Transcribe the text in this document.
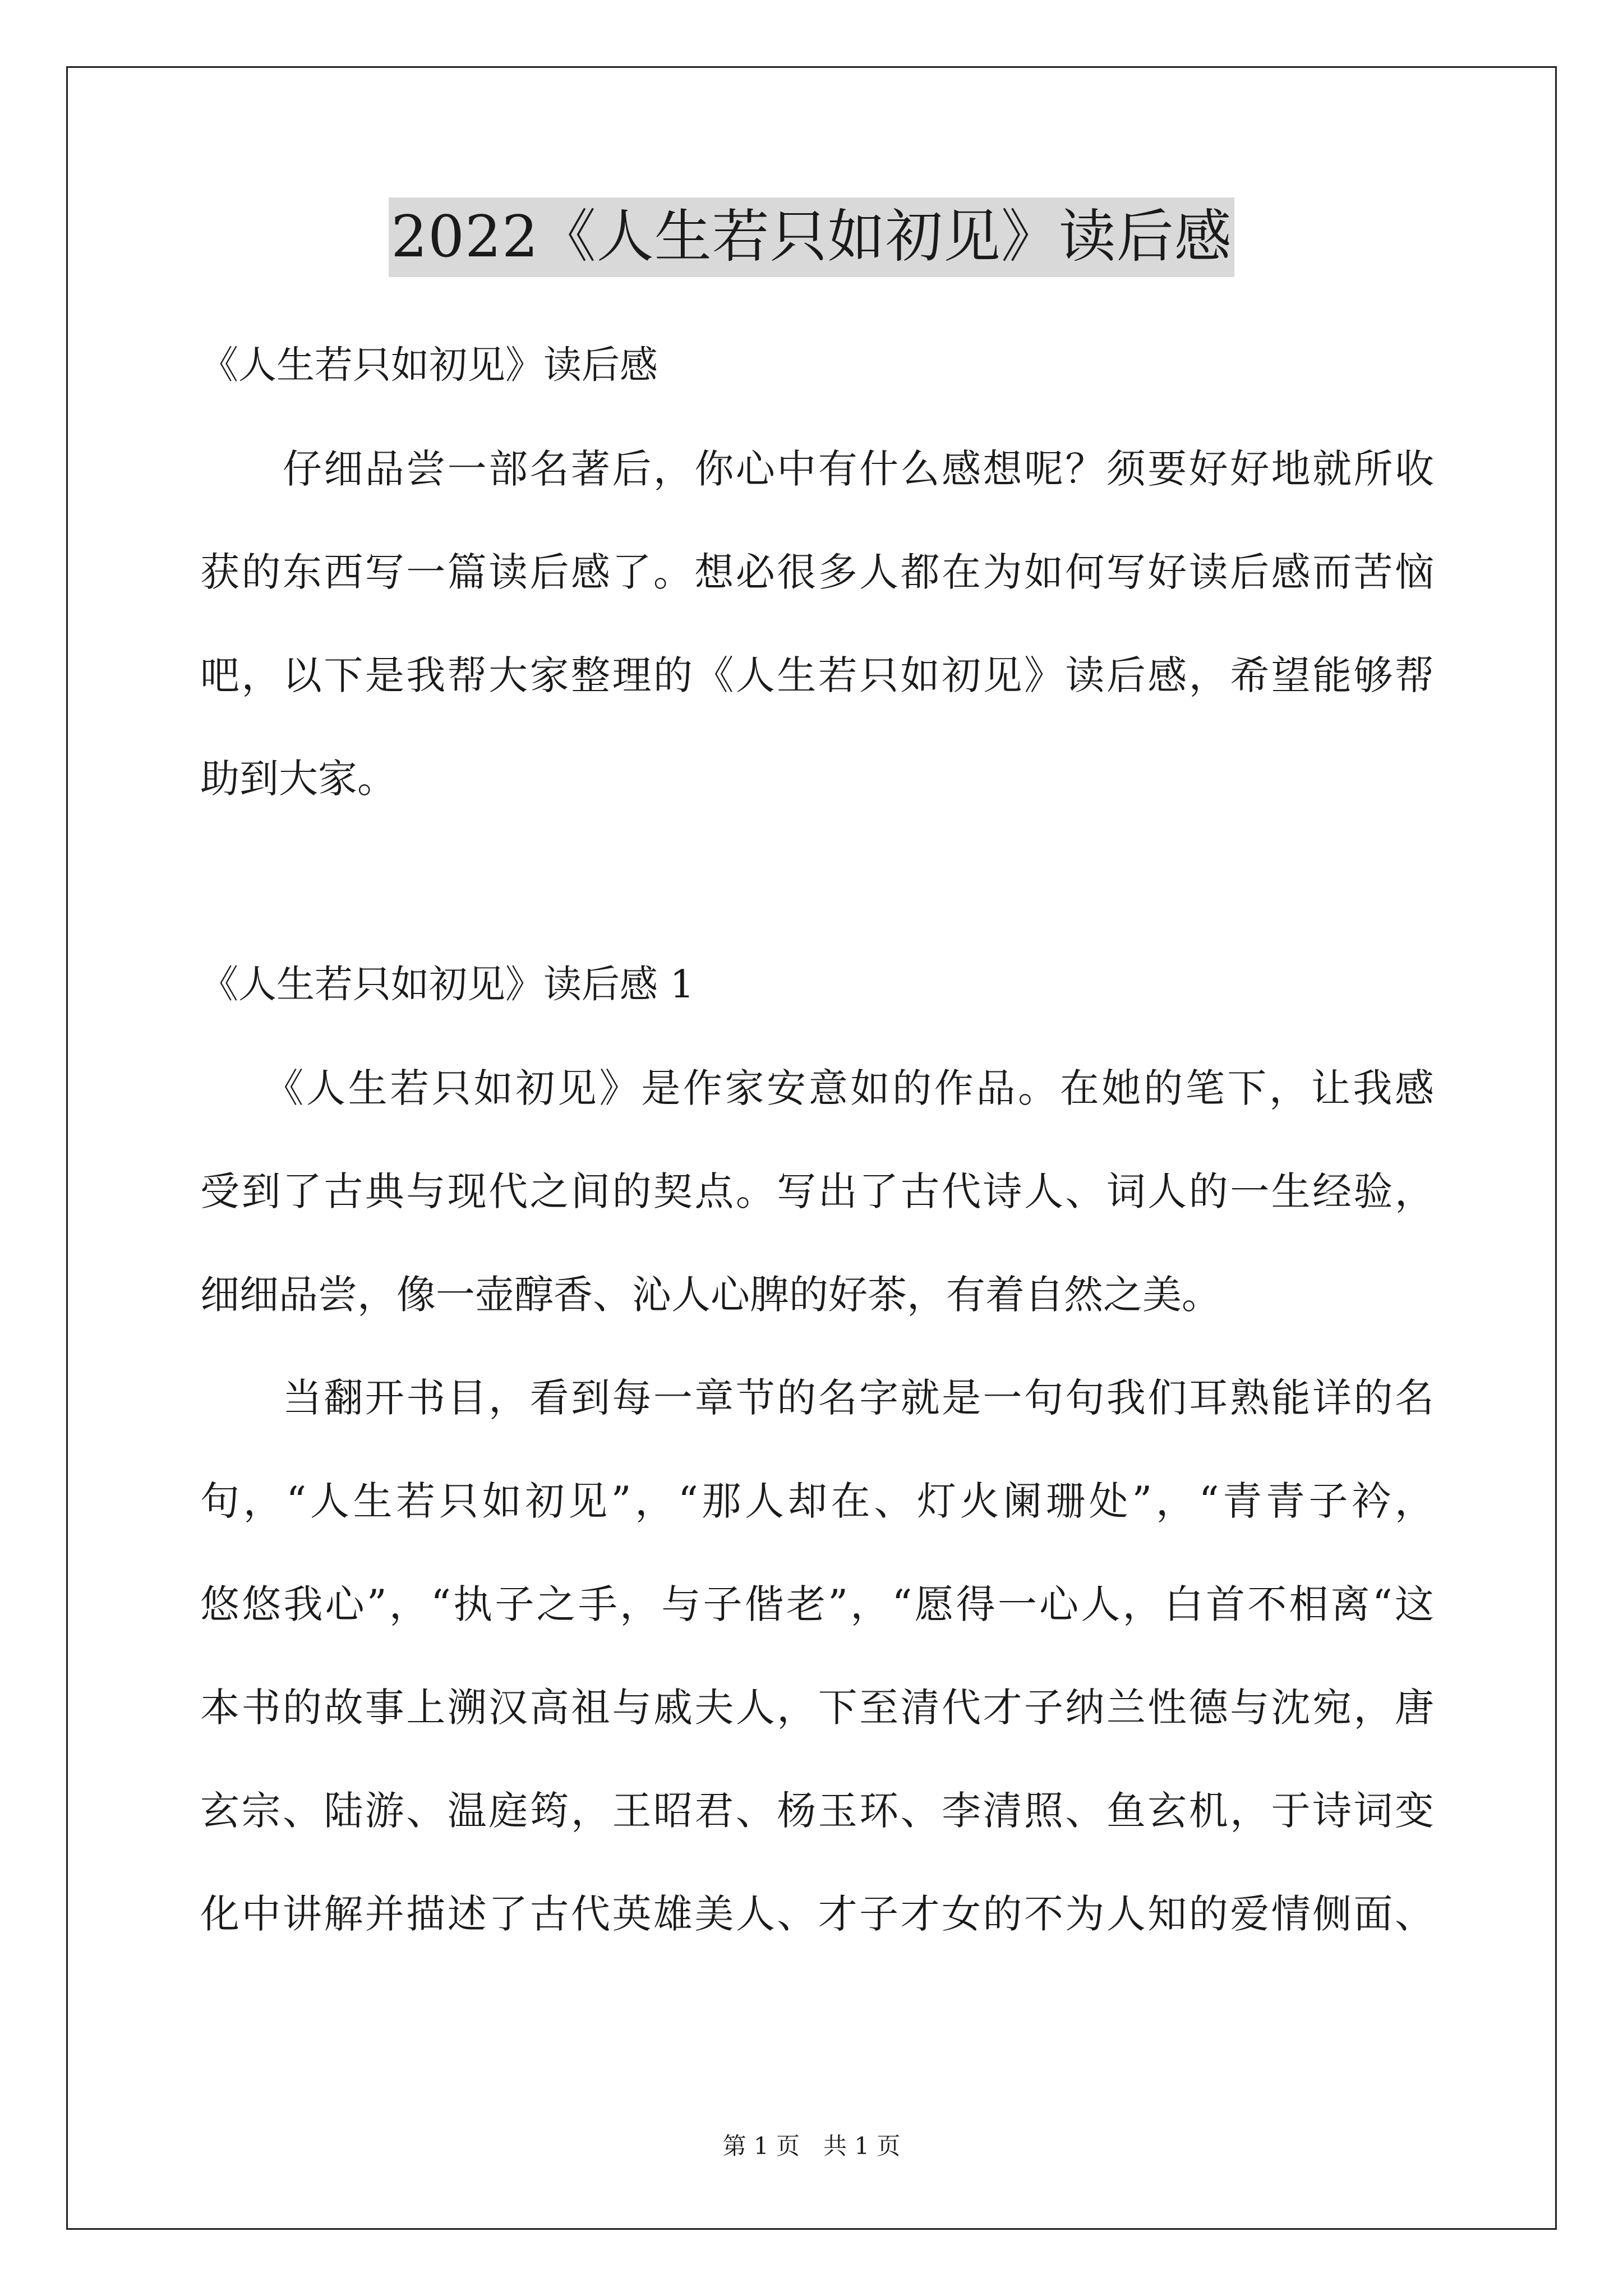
2022《人生若只如初见》读后感
《人生若只如初见》读后感
　　仔细品尝一部名著后，你心中有什么感想呢？须要好好地就所收
获的东西写一篇读后感了。想必很多人都在为如何写好读后感而苦恼
吧，以下是我帮大家整理的《人生若只如初见》读后感，希望能够帮
助到大家。
《人生若只如初见》读后感 1
　　《人生若只如初见》是作家安意如的作品。在她的笔下，让我感
受到了古典与现代之间的契点。写出了古代诗人、词人的一生经验，
细细品尝，像一壶醇香、沁人心脾的好茶，有着自然之美。
　　当翻开书目，看到每一章节的名字就是一句句我们耳熟能详的名
句，“人生若只如初见”，“那人却在、灯火阑珊处”，“青青子衿，
悠悠我心”，“执子之手，与子偕老”，“愿得一心人，白首不相离“这
本书的故事上溯汉高祖与戚夫人，下至清代才子纳兰性德与沈宛，唐
玄宗、陆游、温庭筠，王昭君、杨玉环、李清照、鱼玄机，于诗词变
化中讲解并描述了古代英雄美人、才子才女的不为人知的爱情侧面、
第 1 页　共 1 页
